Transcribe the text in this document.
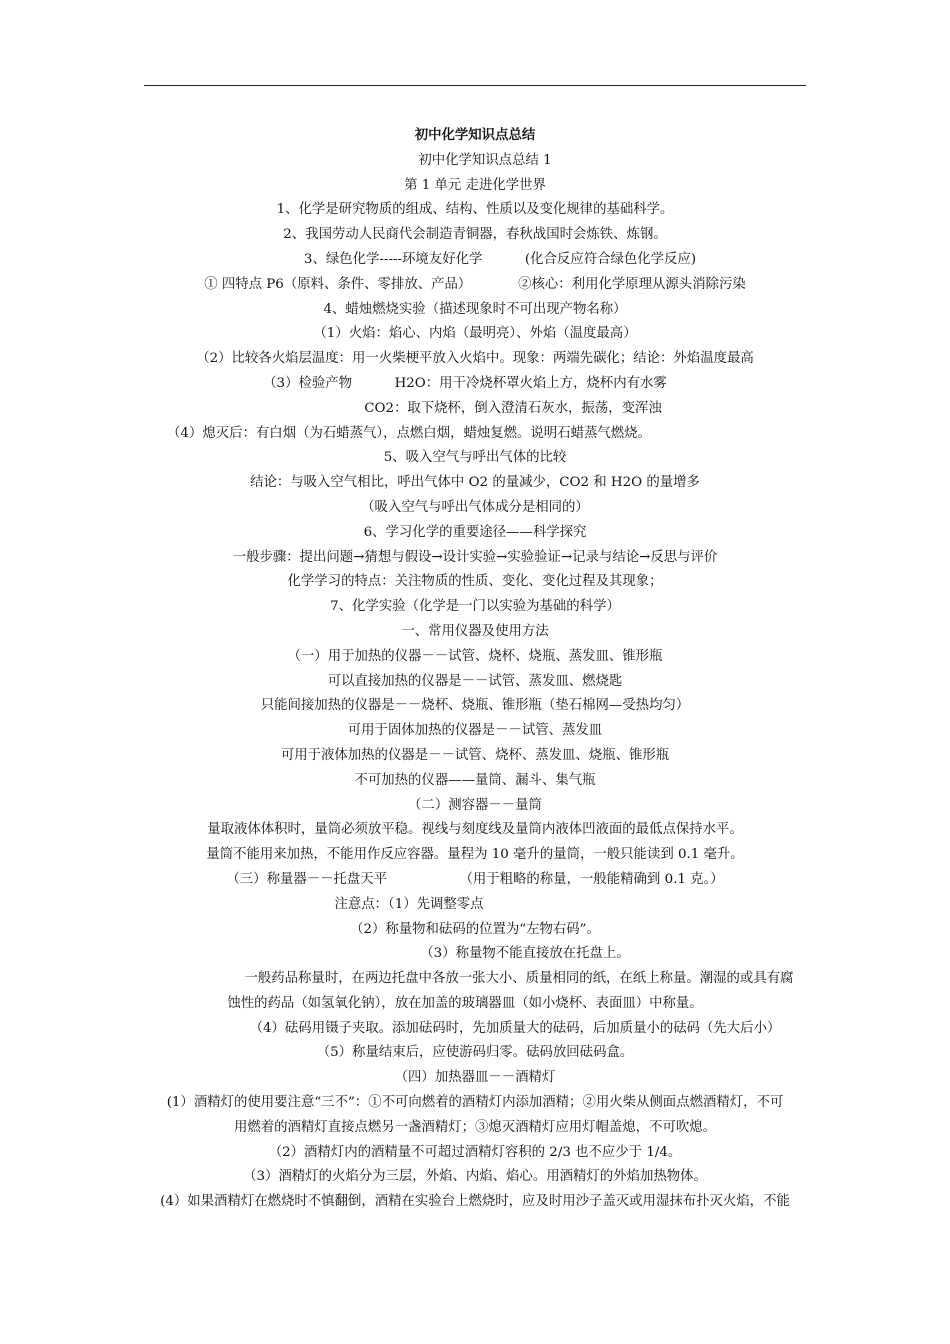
初中化学知识点总结
初中化学知识点总结 1
第 1 单元 走进化学世界
1、化学是研究物质的组成、结构、性质以及变化规律的基础科学。
2、我国劳动人民商代会制造青铜器，春秋战国时会炼铁、炼钢。
3、绿色化学-----环境友好化学          (化合反应符合绿色化学反应)
① 四特点 P6（原料、条件、零排放、产品）           ②核心：利用化学原理从源头消除污染
4、蜡烛燃烧实验（描述现象时不可出现产物名称）
（1）火焰：焰心、内焰（最明亮）、外焰（温度最高）
（2）比较各火焰层温度：用一火柴梗平放入火焰中。现象：两端先碳化；结论：外焰温度最高
（3）检验产物          H2O：用干冷烧杯罩火焰上方，烧杯内有水雾
CO2：取下烧杯，倒入澄清石灰水，振荡，变浑浊
（4）熄灭后：有白烟（为石蜡蒸气），点燃白烟，蜡烛复燃。说明石蜡蒸气燃烧。
5、吸入空气与呼出气体的比较
结论：与吸入空气相比，呼出气体中 O2 的量减少，CO2 和 H2O 的量增多
（吸入空气与呼出气体成分是相同的）
6、学习化学的重要途径——科学探究
一般步骤：提出问题→猜想与假设→设计实验→实验验证→记录与结论→反思与评价
化学学习的特点：关注物质的性质、变化、变化过程及其现象；
7、化学实验（化学是一门以实验为基础的科学）
一、常用仪器及使用方法
（一）用于加热的仪器－－试管、烧杯、烧瓶、蒸发皿、锥形瓶
可以直接加热的仪器是－－试管、蒸发皿、燃烧匙
只能间接加热的仪器是－－烧杯、烧瓶、锥形瓶（垫石棉网—受热均匀）
可用于固体加热的仪器是－－试管、蒸发皿
可用于液体加热的仪器是－－试管、烧杯、蒸发皿、烧瓶、锥形瓶
不可加热的仪器——量筒、漏斗、集气瓶
（二）测容器－－量筒
量取液体体积时，量筒必须放平稳。视线与刻度线及量筒内液体凹液面的最低点保持水平。
量筒不能用来加热，不能用作反应容器。量程为 10 毫升的量筒，一般只能读到 0.1 毫升。
（三）称量器－－托盘天平                 （用于粗略的称量，一般能精确到 0.1 克。）
注意点：（1）先调整零点
（2）称量物和砝码的位置为“左物右码”。
（3）称量物不能直接放在托盘上。
一般药品称量时，在两边托盘中各放一张大小、质量相同的纸，在纸上称量。潮湿的或具有腐
蚀性的药品（如氢氧化钠），放在加盖的玻璃器皿（如小烧杯、表面皿）中称量。
（4）砝码用镊子夹取。添加砝码时，先加质量大的砝码，后加质量小的砝码（先大后小）
（5）称量结束后，应使游码归零。砝码放回砝码盒。
（四）加热器皿－－酒精灯
(1）酒精灯的使用要注意“三不”：①不可向燃着的酒精灯内添加酒精；②用火柴从侧面点燃酒精灯，不可
用燃着的酒精灯直接点燃另一盏酒精灯；③熄灭酒精灯应用灯帽盖熄，不可吹熄。
（2）酒精灯内的酒精量不可超过酒精灯容积的 2/3 也不应少于 1/4。
（3）酒精灯的火焰分为三层，外焰、内焰、焰心。用酒精灯的外焰加热物体。
(4）如果酒精灯在燃烧时不慎翻倒，酒精在实验台上燃烧时，应及时用沙子盖灭或用湿抹布扑灭火焰，不能
